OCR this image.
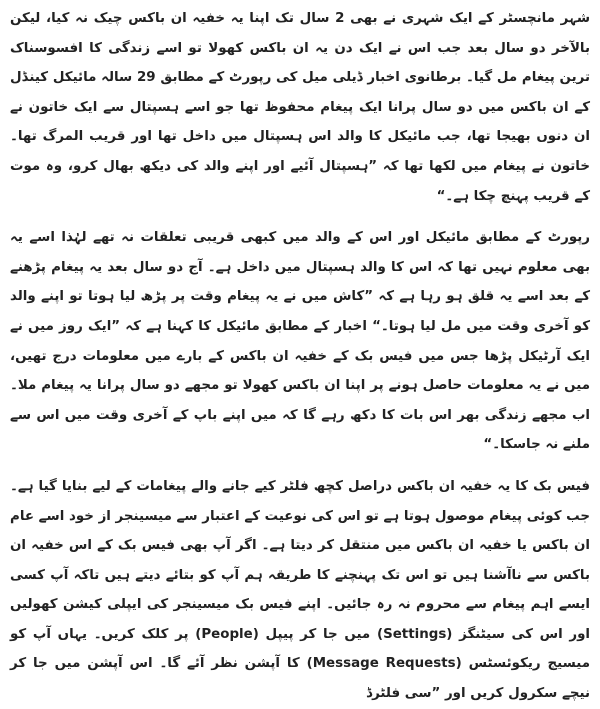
شہر مانچسٹر کے ایک شہری نے بھی 2 سال تک اپنا یہ خفیہ ان باکس چیک نہ کیا، لیکن بالآخر دو سال بعد جب اس نے ایک دن یہ ان باکس کھولا تو اسے زندگی کا افسوسناک ترین پیغام مل گیا۔ برطانوی اخبار ڈیلی میل کی رپورٹ کے مطابق 29 سالہ مائیکل کینڈل کے ان باکس میں دو سال پرانا ایک پیغام محفوظ تھا جو اسے ہسپتال سے ایک خاتون نے ان دنوں بھیجا تھا، جب مائیکل کا والد اس ہسپتال میں داخل تھا اور قریب المرگ تھا۔ خاتون نے پیغام میں لکھا تھا کہ ”ہسپتال آئیے اور اپنے والد کی دیکھ بھال کرو، وہ موت کے قریب پہنچ چکا ہے۔“

رپورٹ کے مطابق مائیکل اور اس کے والد میں کبھی قریبی تعلقات نہ تھے لہٰذا اسے یہ بھی معلوم نہیں تھا کہ اس کا والد ہسپتال میں داخل ہے۔ آج دو سال بعد یہ پیغام پڑھنے کے بعد اسے یہ قلق ہو رہا ہے کہ ”کاش میں نے یہ پیغام وقت پر پڑھ لیا ہوتا تو اپنے والد کو آخری وقت میں مل لیا ہوتا۔“ اخبار کے مطابق مائیکل کا کہنا ہے کہ ”ایک روز میں نے ایک آرٹیکل پڑھا جس میں فیس بک کے خفیہ ان باکس کے بارے میں معلومات درج تھیں، میں نے یہ معلومات حاصل ہونے پر اپنا ان باکس کھولا تو مجھے دو سال پرانا یہ پیغام ملا۔ اب مجھے زندگی بھر اس بات کا دکھ رہے گا کہ میں اپنے باپ کے آخری وقت میں اس سے ملنے نہ جاسکا۔“

فیس بک کا یہ خفیہ ان باکس دراصل کچھ فلٹر کیے جانے والے پیغامات کے لیے بنایا گیا ہے۔ جب کوئی پیغام موصول ہوتا ہے تو اس کی نوعیت کے اعتبار سے میسینجر از خود اسے عام ان باکس یا خفیہ ان باکس میں منتقل کر دیتا ہے۔ اگر آپ بھی فیس بک کے اس خفیہ ان باکس سے ناآشنا ہیں تو اس تک پہنچنے کا طریقہ ہم آپ کو بتائے دیتے ہیں تاکہ آپ کسی ایسے اہم پیغام سے محروم نہ رہ جائیں۔ اپنے فیس بک میسینجر کی ایپلی کیشن کھولیں اور اس کی سیٹنگز (Settings) میں جا کر پیپل (People) پر کلک کریں۔ یہاں آپ کو میسیج ریکوئسٹس (Message Requests) کا آپشن نظر آئے گا۔ اس آپشن میں جا کر نیچے سکرول کریں اور ”سی فلٹرڈ
